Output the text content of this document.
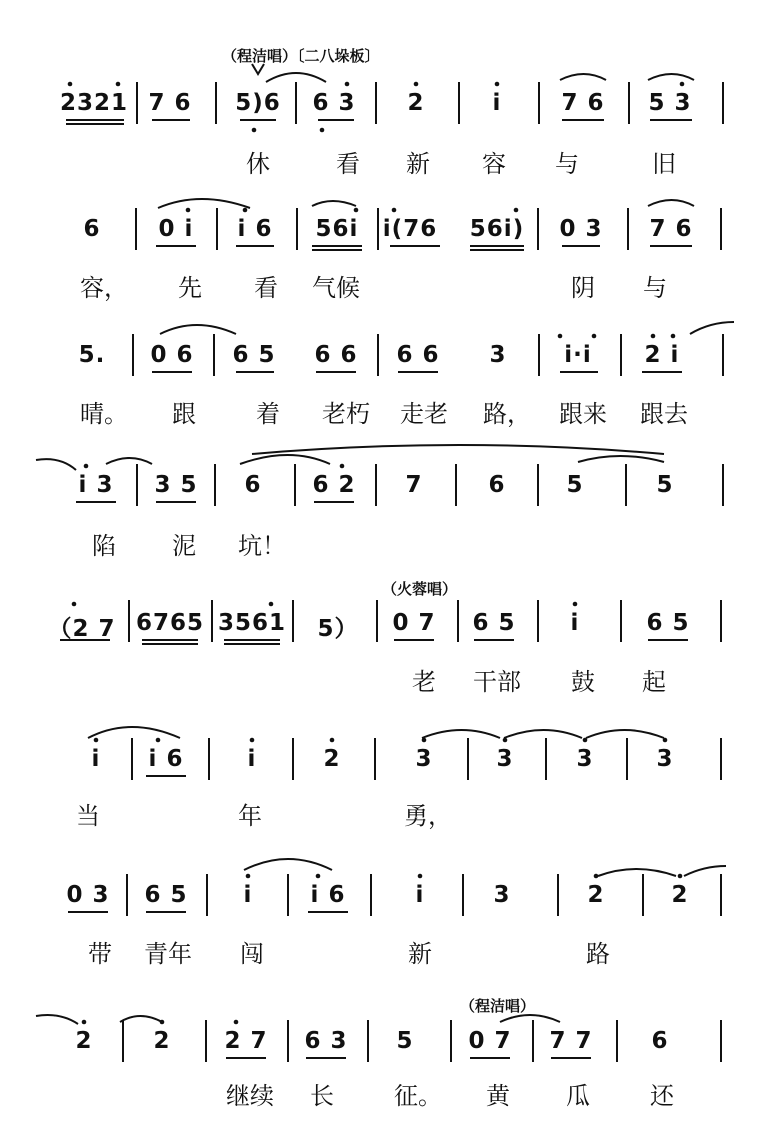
（程洁唱）〔二八垛板〕
（火蓉唱）
（程洁唱）
2321 7 6 5)6 6 3 2	i	7 6 5 3
休	看 新 容 与	旧
6	0 i i 6 56i i(76 56i) 0 3 7 6
容， 先 看 气候	阴 与
5. 0 6 6 5 6 6 6 6 3	i·i 2 i
晴。 跟	着 老朽 走老 路， 跟来 跟去
i 3 3 5 6 6 2 7	6	5	5
陷 泥 坑！
（2 7 6765 3561 5） 0 7 6 5 i	6 5
老 干部 鼓 起
i i 6	i	2	3	3	3	3
当	年	勇，
0 3 6 5 i	i 6	i	3	2	2
带 青年 闯	新	路
2	2 2 7 6 3 5 0 7 7 7	6
继续 长	征。 黄 瓜	还
